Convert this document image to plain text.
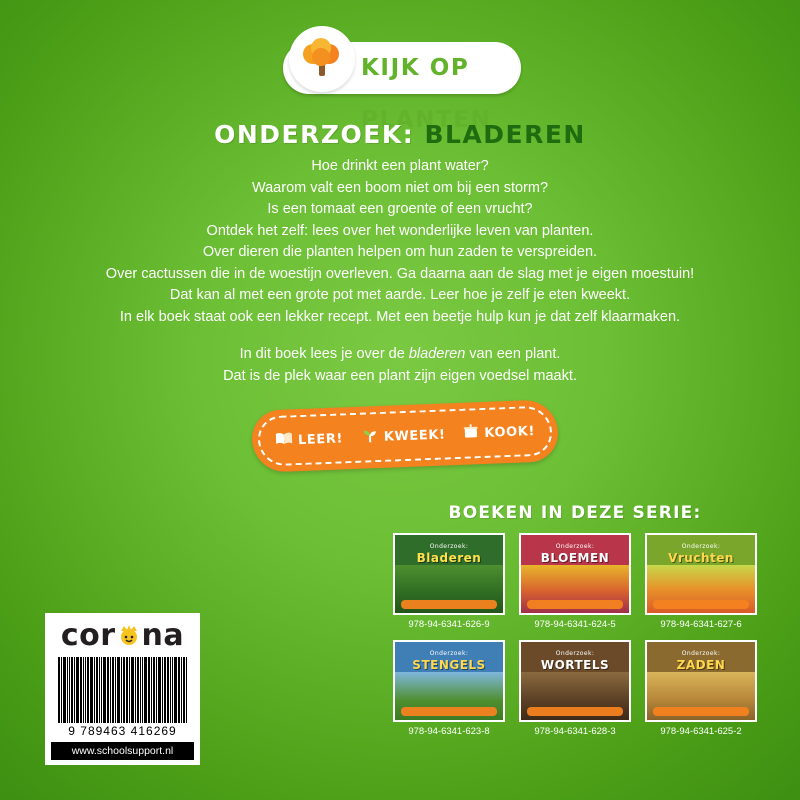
KIJK OP PLANTEN
ONDERZOEK: BLADEREN

Hoe drinkt een plant water?

Waarom valt een boom niet om bij een storm?

Is een tomaat een groente of een vrucht?

Ontdek het zelf: lees over het wonderlijke leven van planten.

Over dieren die planten helpen om hun zaden te verspreiden.

Over cactussen die in de woestijn overleven. Ga daarna aan de slag met je eigen moestuin!

Dat kan al met een grote pot met aarde. Leer hoe je zelf je eten kweekt.

In elk boek staat ook een lekker recept. Met een beetje hulp kun je dat zelf klaarmaken.

In dit boek lees je over de bladeren van een plant.

Dat is de plek waar een plant zijn eigen voedsel maakt.

LEER!	KWEEK!	KOOK!
BOEKEN IN DEZE SERIE:
Onderzoek:
Bladeren
978-94-6341-626-9
Onderzoek:
BLOEMEN
978-94-6341-624-5
Onderzoek:
Vruchten
978-94-6341-627-6
Onderzoek:
STENGELS
978-94-6341-623-8
Onderzoek:
WORTELS
978-94-6341-628-3
Onderzoek:
ZADEN
978-94-6341-625-2
cor na
9 789463 416269
www.schoolsupport.nl
